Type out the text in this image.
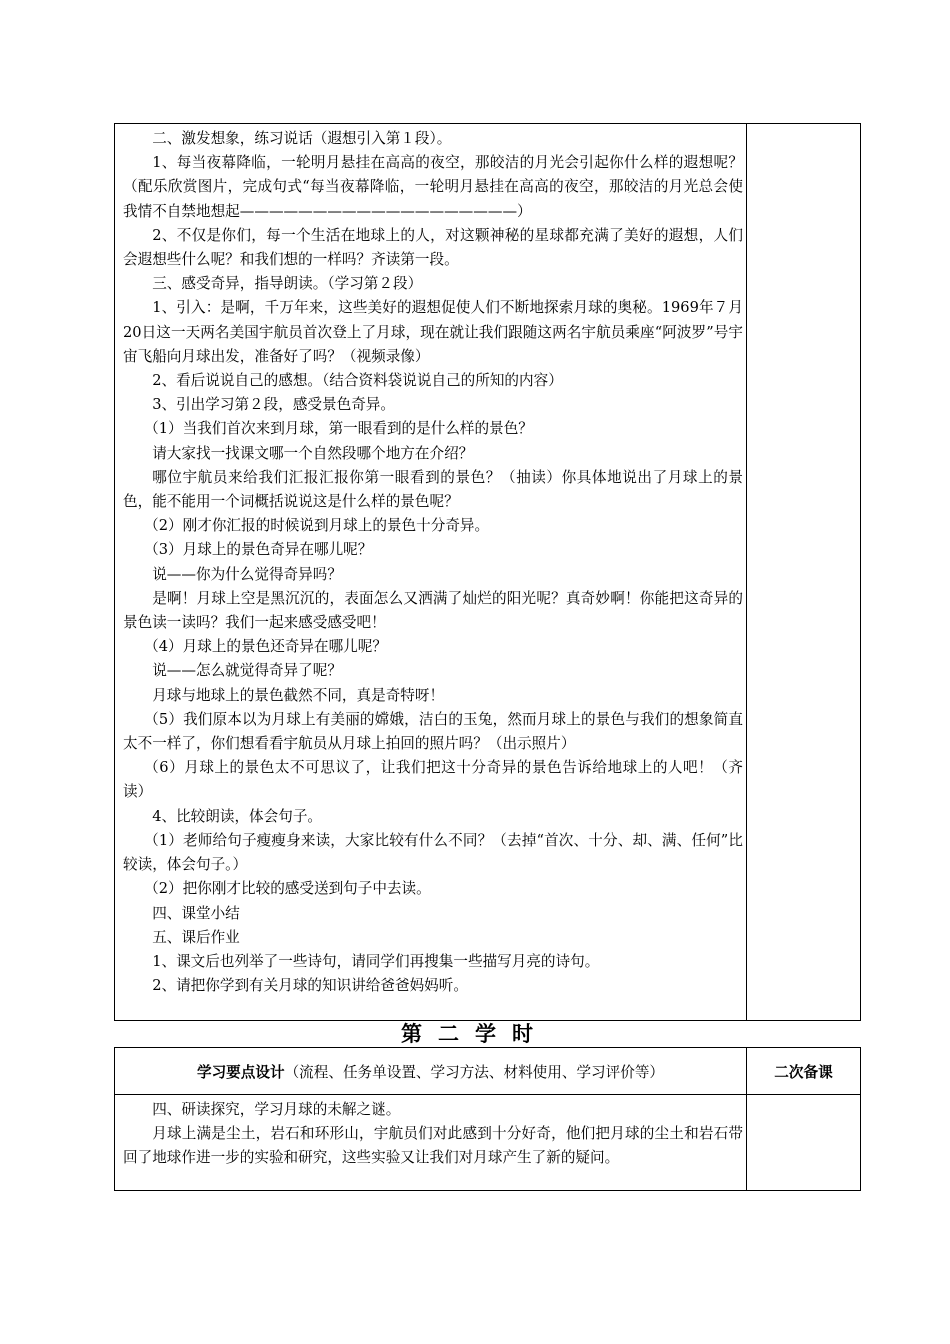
二、激发想象，练习说话（遐想引入第１段）。

1、每当夜幕降临，一轮明月悬挂在高高的夜空，那皎洁的月光会引起你什么样的遐想呢？（配乐欣赏图片，完成句式“每当夜幕降临，一轮明月悬挂在高高的夜空，那皎洁的月光总会使我情不自禁地想起———————————————————）

2、不仅是你们，每一个生活在地球上的人，对这颗神秘的星球都充满了美好的遐想，人们会遐想些什么呢？和我们想的一样吗？齐读第一段。

三、感受奇异，指导朗读。（学习第２段）

1、引入：是啊，千万年来，这些美好的遐想促使人们不断地探索月球的奥秘。1969年７月20日这一天两名美国宇航员首次登上了月球，现在就让我们跟随这两名宇航员乘座“阿波罗”号宇宙飞船向月球出发，准备好了吗？（视频录像）

2、看后说说自己的感想。（结合资料袋说说自己的所知的内容）

3、引出学习第２段，感受景色奇异。

（1）当我们首次来到月球，第一眼看到的是什么样的景色？

请大家找一找课文哪一个自然段哪个地方在介绍？

哪位宇航员来给我们汇报汇报你第一眼看到的景色？（抽读）你具体地说出了月球上的景色，能不能用一个词概括说说这是什么样的景色呢？

（2）刚才你汇报的时候说到月球上的景色十分奇异。

（3）月球上的景色奇异在哪儿呢？

说——你为什么觉得奇异吗？

是啊！月球上空是黑沉沉的，表面怎么又洒满了灿烂的阳光呢？真奇妙啊！你能把这奇异的景色读一读吗？我们一起来感受感受吧！

（4）月球上的景色还奇异在哪儿呢？

说——怎么就觉得奇异了呢？

月球与地球上的景色截然不同，真是奇特呀！

（5）我们原本以为月球上有美丽的嫦娥，洁白的玉兔，然而月球上的景色与我们的想象简直太不一样了，你们想看看宇航员从月球上拍回的照片吗？（出示照片）

（6）月球上的景色太不可思议了，让我们把这十分奇异的景色告诉给地球上的人吧！（齐读）

4、比较朗读，体会句子。

（1）老师给句子瘦瘦身来读，大家比较有什么不同？（去掉“首次、十分、却、满、任何”比较读，体会句子。）

（2）把你刚才比较的感受送到句子中去读。

四、课堂小结

五、课后作业

1、课文后也列举了一些诗句，请同学们再搜集一些描写月亮的诗句。

2、请把你学到有关月球的知识讲给爸爸妈妈听。

第二学时
学习要点设计（流程、任务单设置、学习方法、材料使用、学习评价等）	二次备课

四、研读探究，学习月球的未解之谜。

月球上满是尘土，岩石和环形山，宇航员们对此感到十分好奇，他们把月球的尘土和岩石带回了地球作进一步的实验和研究，这些实验又让我们对月球产生了新的疑问。
